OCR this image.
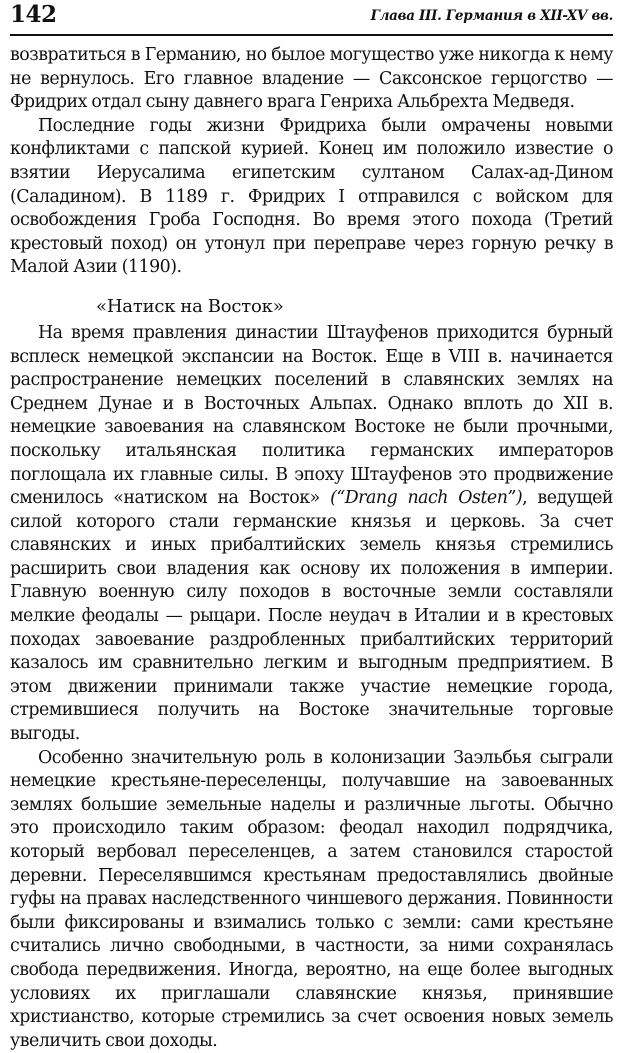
142	Глава III. Германия в XII-XV вв.

возвратиться в Германию, но былое могущество уже никогда к нему не вернулось. Его главное владение — Саксонское герцогство — Фридрих отдал сыну давнего врага Генриха Альбрехта Медведя.

Последние годы жизни Фридриха были омрачены новыми конфликтами с папской курией. Конец им положило известие о взятии Иерусалима египетским султаном Салах-ад-Дином (Саладином). В 1189 г. Фридрих I отправился с войском для освобождения Гроба Господня. Во время этого похода (Третий крестовый поход) он утонул при переправе через горную речку в Малой Азии (1190).

«Натиск на Восток»

На время правления династии Штауфенов приходится бурный всплеск немецкой экспансии на Восток. Еще в VIII в. начинается распространение немецких поселений в славянских землях на Среднем Дунае и в Восточных Альпах. Однако вплоть до XII в. немецкие завоевания на славянском Востоке не были прочными, поскольку итальянская политика германских императоров поглощала их главные силы. В эпоху Штауфенов это продвижение сменилось «натиском на Восток» (“Drang nach Osten”), ведущей силой которого стали германские князья и церковь. За счет славянских и иных прибалтийских земель князья стремились расширить свои владения как основу их положения в империи. Главную военную силу походов в восточные земли составляли мелкие феодалы — рыцари. После неудач в Италии и в крестовых походах завоевание раздробленных прибалтийских территорий казалось им сравнительно легким и выгодным предприятием. В этом движении принимали также участие немецкие города, стремившиеся получить на Востоке значительные торговые выгоды.

Особенно значительную роль в колонизации Заэльбья сыграли немецкие крестьяне-переселенцы, получавшие на завоеванных землях большие земельные наделы и различные льготы. Обычно это происходило таким образом: феодал находил подрядчика, который вербовал переселенцев, а затем становился старостой деревни. Переселявшимся крестьянам предоставлялись двойные гуфы на правах наследственного чиншевого держания. Повинности были фиксированы и взимались только с земли: сами крестьяне считались лично свободными, в частности, за ними сохранялась свобода передвижения. Иногда, вероятно, на еще более выгодных условиях их приглашали славянские князья, принявшие христианство, которые стремились за счет освоения новых земель увеличить свои доходы.
